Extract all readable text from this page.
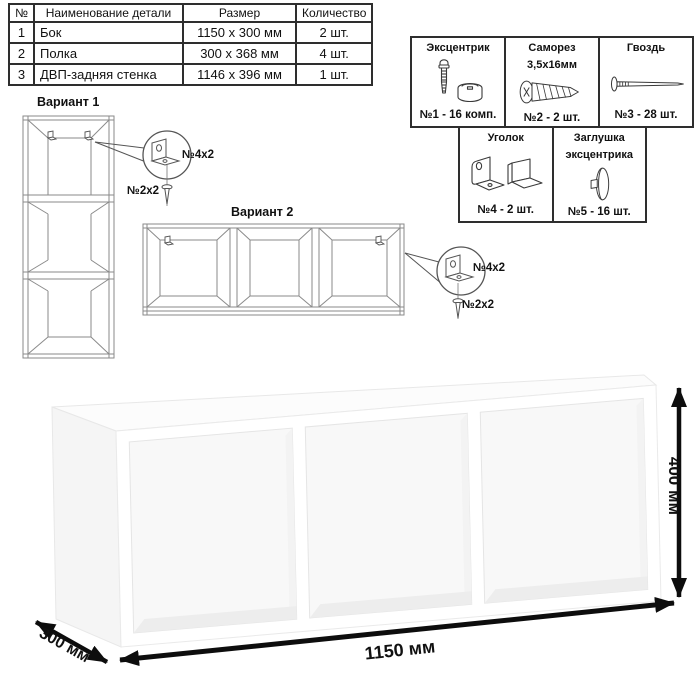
№	Наименование детали	Размер	Количество
1	Бок	1150 x 300 мм	2 шт.
2	Полка	300 x 368 мм	4 шт.
3	ДВП-задняя стенка	1146 x 396 мм	1 шт.
Эксцентрик
№1 - 16 комп.
Саморез
3,5x16мм
№2 - 2 шт.
Гвоздь
№3 - 28 шт.
Уголок
№4 - 2 шт.
Заглушка
эксцентрика
№5 - 16 шт.
Вариант 1
№4x2
№2x2
Вариант 2
№4x2
№2x2
1150 мм
400 мм
300 мм
